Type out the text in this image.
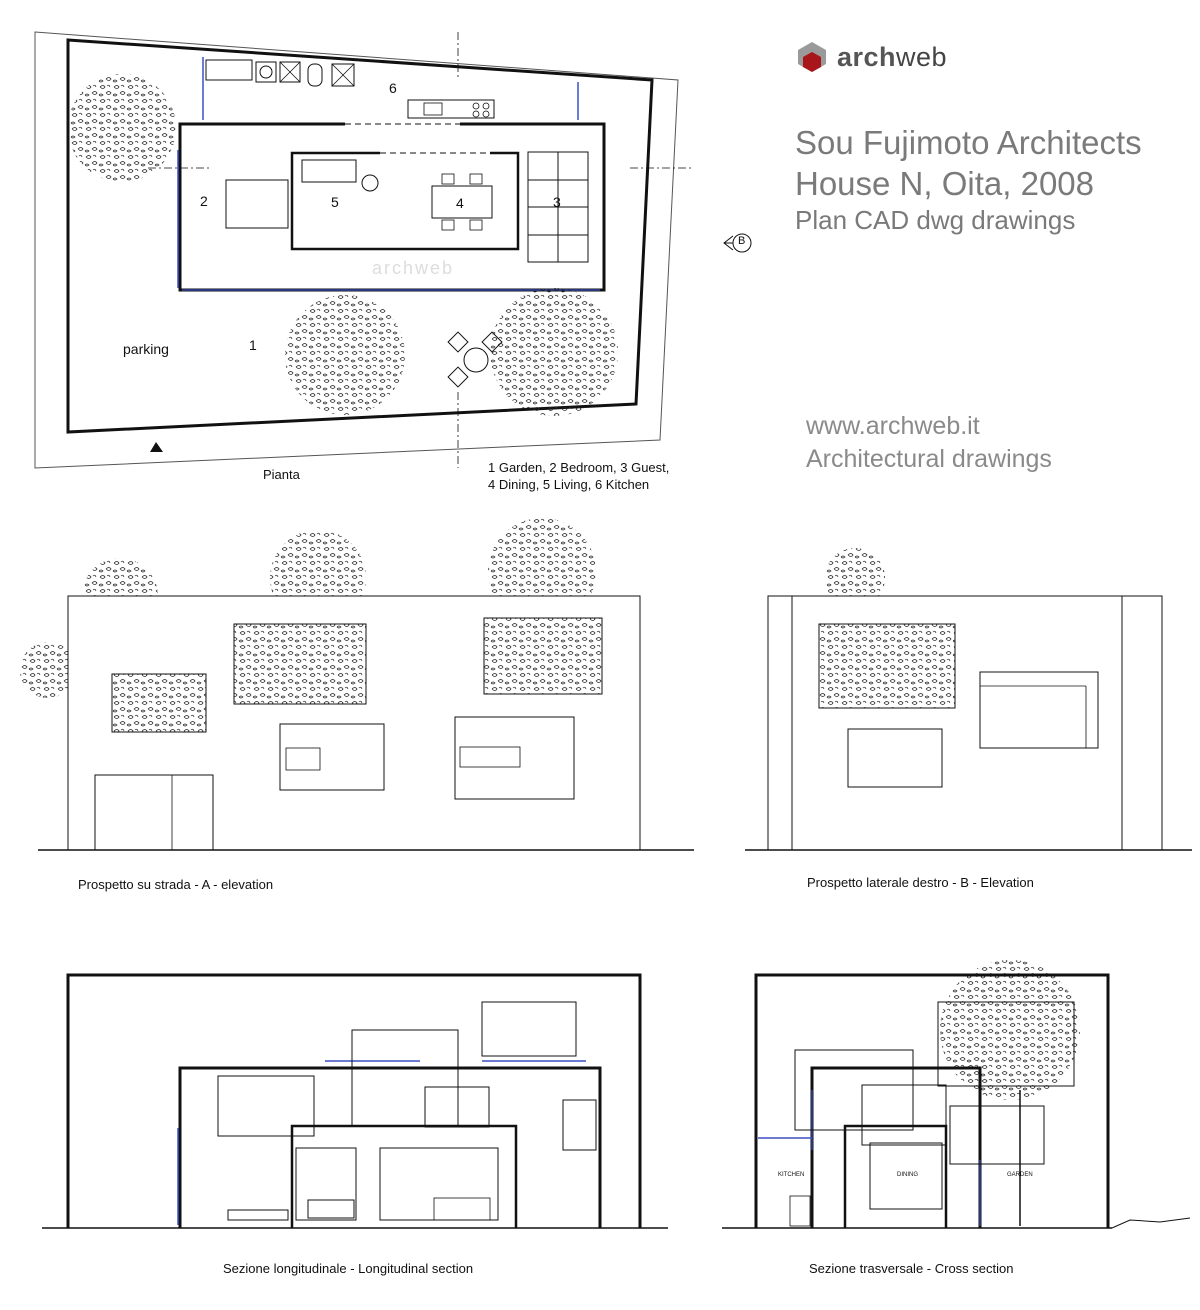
archweb
Sou Fujimoto Architects
House N, Oita, 2008
Plan CAD dwg drawings
www.archweb.it
Architectural drawings
archweb
6
2	5	4	3
1
parking
B
Pianta	1 Garden, 2 Bedroom, 3 Guest,
4 Dining, 5 Living, 6 Kitchen
Prospetto su strada - A - elevation	Prospetto laterale destro - B - Elevation
Sezione longitudinale - Longitudinal section	Sezione trasversale - Cross section
KITCHEN	DINING	GARDEN
